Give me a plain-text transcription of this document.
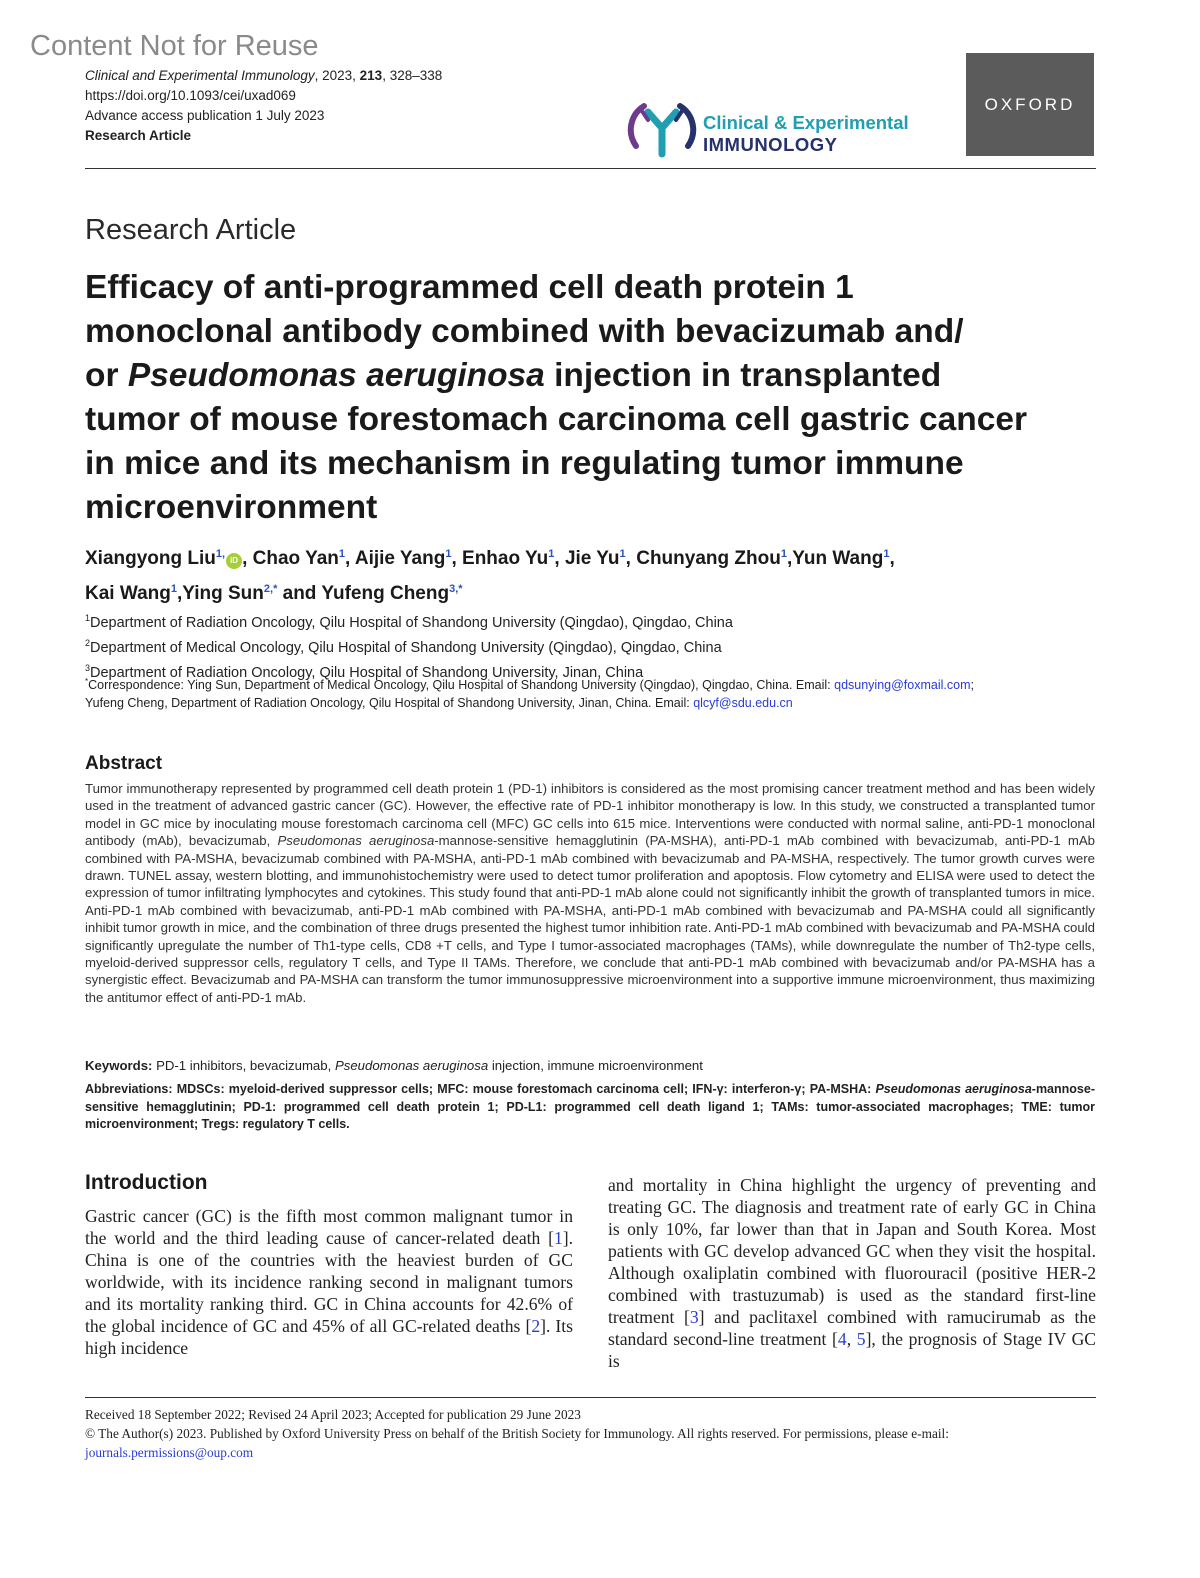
Content Not for Reuse
Clinical and Experimental Immunology, 2023, 213, 328–338
https://doi.org/10.1093/cei/uxad069
Advance access publication 1 July 2023
Research Article
Clinical & Experimental
IMMUNOLOGY
OXFORD
Research Article
Efficacy of anti-programmed cell death protein 1
monoclonal antibody combined with bevacizumab and/
or Pseudomonas aeruginosa injection in transplanted
tumor of mouse forestomach carcinoma cell gastric cancer
in mice and its mechanism in regulating tumor immune
microenvironment
Xiangyong Liu$^{1,}$iD , Chao Yan$^1$, Aijie Yang$^1$, Enhao Yu$^1$, Jie Yu$^1$, Chunyang Zhou$^1$,Yun Wang$^1$,
Kai Wang$^1$,Ying Sun$^{2,*}$ and Yufeng Cheng$^{3,*}$
$^1$Department of Radiation Oncology, Qilu Hospital of Shandong University (Qingdao), Qingdao, China
$^2$Department of Medical Oncology, Qilu Hospital of Shandong University (Qingdao), Qingdao, China
$^3$Department of Radiation Oncology, Qilu Hospital of Shandong University, Jinan, China
*Correspondence: Ying Sun, Department of Medical Oncology, Qilu Hospital of Shandong University (Qingdao), Qingdao, China. Email: qdsunying@foxmail.com;
Yufeng Cheng, Department of Radiation Oncology, Qilu Hospital of Shandong University, Jinan, China. Email: qlcyf@sdu.edu.cn
Abstract

Tumor immunotherapy represented by programmed cell death protein 1 (PD-1) inhibitors is considered as the most promising cancer treatment method and has been widely used in the treatment of advanced gastric cancer (GC). However, the effective rate of PD-1 inhibitor monotherapy is low. In this study, we constructed a transplanted tumor model in GC mice by inoculating mouse forestomach carcinoma cell (MFC) GC cells into 615 mice. Interventions were conducted with normal saline, anti-PD-1 monoclonal antibody (mAb), bevacizumab, Pseudomonas aeruginosa-mannose-sensitive hemagglutinin (PA-MSHA), anti-PD-1 mAb combined with bevacizumab, anti-PD-1 mAb combined with PA-MSHA, bevacizumab combined with PA-MSHA, anti-PD-1 mAb combined with bevacizumab and PA-MSHA, respectively. The tumor growth curves were drawn. TUNEL assay, western blotting, and immunohistochemistry were used to detect tumor proliferation and apoptosis. Flow cytometry and ELISA were used to detect the expression of tumor infiltrating lymphocytes and cytokines. This study found that anti-PD-1 mAb alone could not significantly inhibit the growth of transplanted tumors in mice. Anti-PD-1 mAb combined with bevacizumab, anti-PD-1 mAb combined with PA-MSHA, anti-PD-1 mAb combined with bevacizumab and PA-MSHA could all significantly inhibit tumor growth in mice, and the combination of three drugs presented the highest tumor inhibition rate. Anti-PD-1 mAb combined with bevacizumab and PA-MSHA could significantly upregulate the number of Th1-type cells, CD8 +T cells, and Type I tumor-associated macrophages (TAMs), while downregulate the number of Th2-type cells, myeloid-derived suppressor cells, regulatory T cells, and Type II TAMs. Therefore, we conclude that anti-PD-1 mAb combined with bevacizumab and/or PA-MSHA has a synergistic effect. Bevacizumab and PA-MSHA can transform the tumor immunosuppressive microenvironment into a supportive immune microenvironment, thus maximizing the antitumor effect of anti-PD-1 mAb.

Keywords: PD-1 inhibitors, bevacizumab, Pseudomonas aeruginosa injection, immune microenvironment
Abbreviations: MDSCs: myeloid-derived suppressor cells; MFC: mouse forestomach carcinoma cell; IFN-γ: interferon-γ; PA-MSHA: Pseudomonas aeruginosa-mannose-sensitive hemagglutinin; PD-1: programmed cell death protein 1; PD-L1: programmed cell death ligand 1; TAMs: tumor-associated macrophages; TME: tumor microenvironment; Tregs: regulatory T cells.
Introduction

Gastric cancer (GC) is the fifth most common malignant tumor in the world and the third leading cause of cancer-related death [1]. China is one of the countries with the heaviest burden of GC worldwide, with its incidence ranking second in malignant tumors and its mortality ranking third. GC in China accounts for 42.6% of the global incidence of GC and 45% of all GC-related deaths [2]. Its high incidence

and mortality in China highlight the urgency of preventing and treating GC. The diagnosis and treatment rate of early GC in China is only 10%, far lower than that in Japan and South Korea. Most patients with GC develop advanced GC when they visit the hospital. Although oxaliplatin combined with fluorouracil (positive HER-2 combined with trastuzumab) is used as the standard first-line treatment [3] and paclitaxel combined with ramucirumab as the standard second-line treatment [4, 5], the prognosis of Stage IV GC is

Received 18 September 2022; Revised 24 April 2023; Accepted for publication 29 June 2023
© The Author(s) 2023. Published by Oxford University Press on behalf of the British Society for Immunology. All rights reserved. For permissions, please e-mail: journals.permissions@oup.com
